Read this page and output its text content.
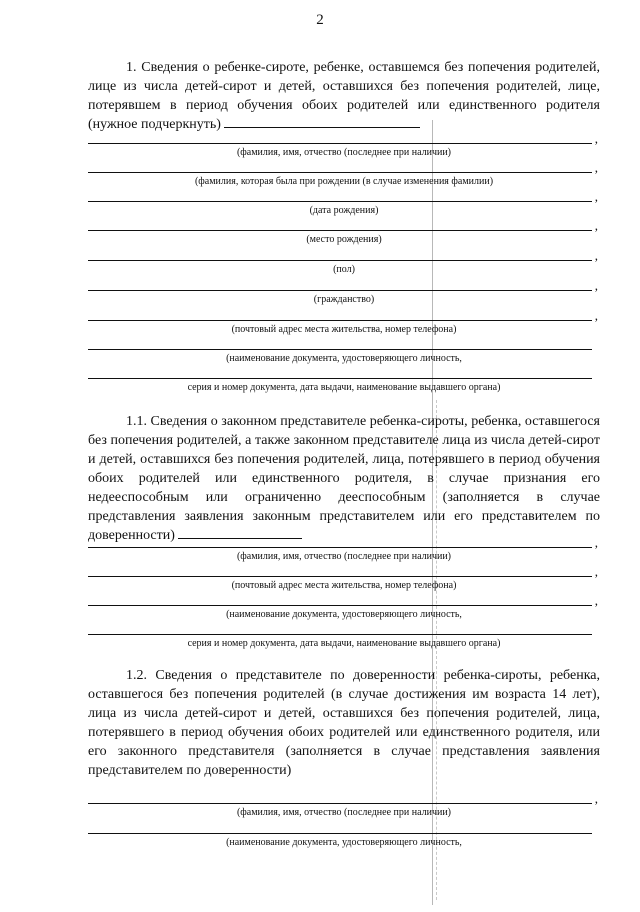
2
1. Сведения о ребенке-сироте, ребенке, оставшемся без попечения родителей, лице из числа детей-сирот и детей, оставшихся без попечения родителей, лице, потерявшем в период обучения обоих родителей или единственного родителя (нужное подчеркнуть)
,
(фамилия, имя, отчество (последнее при наличии)
,
(фамилия, которая была при рождении (в случае изменения фамилии)
,
(дата рождения)
,
(место рождения)
,
(пол)
,
(гражданство)
,
(почтовый адрес места жительства, номер телефона)
(наименование документа, удостоверяющего личность,
серия и номер документа, дата выдачи, наименование выдавшего органа)
1.1. Сведения о законном представителе ребенка-сироты, ребенка, оставшегося без попечения родителей, а также законном представителе лица из числа детей-сирот и детей, оставшихся без попечения родителей, лица, потерявшего в период обучения обоих родителей или единственного родителя, в случае признания его недееспособным или ограниченно дееспособным (заполняется в случае представления заявления законным представителем или его представителем по доверенности)	,
(фамилия, имя, отчество (последнее при наличии)
,
(почтовый адрес места жительства, номер телефона)
,
(наименование документа, удостоверяющего личность,
серия и номер документа, дата выдачи, наименование выдавшего органа)
1.2. Сведения о представителе по доверенности ребенка-сироты, ребенка, оставшегося без попечения родителей (в случае достижения им возраста 14 лет), лица из числа детей-сирот и детей, оставшихся без попечения родителей, лица, потерявшего в период обучения обоих родителей или единственного родителя, или его законного представителя (заполняется в случае представления заявления представителем по доверенности)
,
(фамилия, имя, отчество (последнее при наличии)
(наименование документа, удостоверяющего личность,
